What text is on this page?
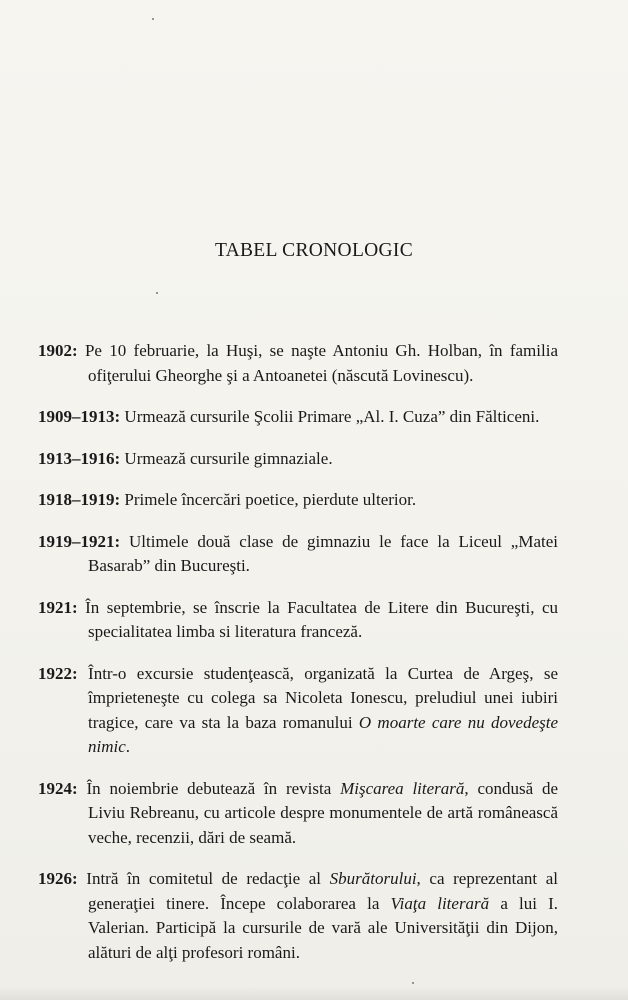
TABEL CRONOLOGIC

1902: Pe 10 februarie, la Huşi, se naşte Antoniu Gh. Holban, în familia ofiţerului Gheorghe şi a Antoanetei (născută Lovinescu).

1909–1913: Urmează cursurile Şcolii Primare „Al. I. Cuza” din Fălticeni.

1913–1916: Urmează cursurile gimnaziale.

1918–1919: Primele încercări poetice, pierdute ulterior.

1919–1921: Ultimele două clase de gimnaziu le face la Liceul „Matei Basarab” din Bucureşti.

1921: În septembrie, se înscrie la Facultatea de Litere din Bucureşti, cu specialitatea limba si literatura franceză.

1922: Într-o excursie studenţească, organizată la Curtea de Argeş, se împrieteneşte cu colega sa Nicoleta Ionescu, preludiul unei iubiri tragice, care va sta la baza romanului O moarte care nu dovedeşte nimic.

1924: În noiembrie debutează în revista Mişcarea literară, condusă de Liviu Rebreanu, cu articole despre monumentele de artă românească veche, recenzii, dări de seamă.

1926: Intră în comitetul de redacţie al Sburătorului, ca reprezentant al generaţiei tinere. Începe colaborarea la Viaţa literară a lui I. Valerian. Participă la cursurile de vară ale Universităţii din Dijon, alături de alţi profesori români.
